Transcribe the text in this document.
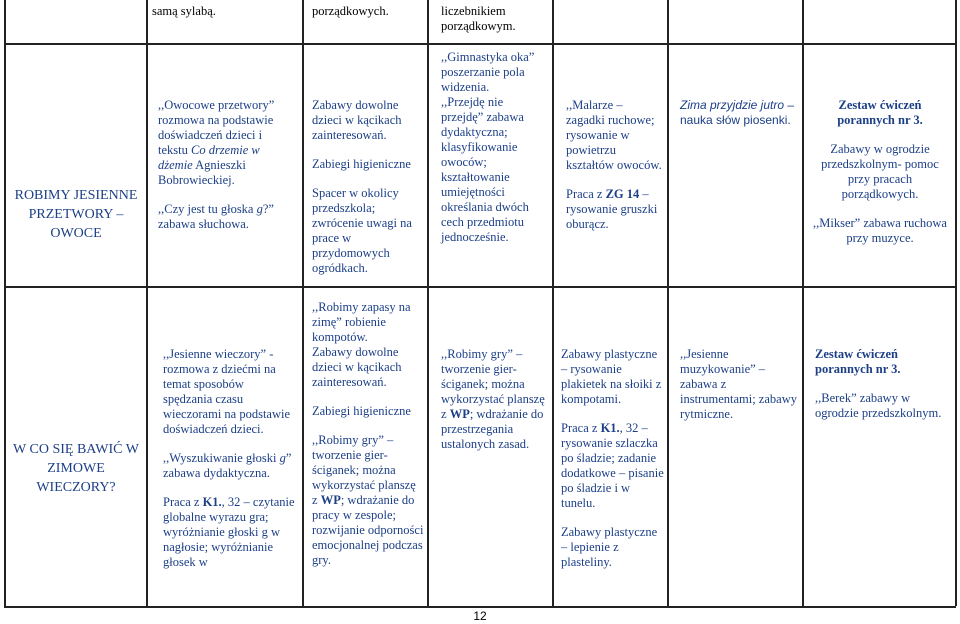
samą sylabą.	porządkowych.	liczebnikiem porządkowym.
ROBIMY JESIENNE PRZETWORY – OWOCE
,,Owocowe przetwory” rozmowa na podstawie doświadczeń dzieci i tekstu Co drzemie w dżemie Agnieszki Bobrowieckiej.
,,Czy jest tu głoska g?” zabawa słuchowa.
Zabawy dowolne dzieci w kącikach zainteresowań.
Zabiegi higieniczne
Spacer w okolicy przedszkola; zwrócenie uwagi na prace w przydomowych ogródkach.
,,Gimnastyka oka” poszerzanie pola widzenia.
,,Przejdę nie przejdę” zabawa dydaktyczna; klasyfikowanie owoców; kształtowanie umiejętności określania dwóch cech przedmiotu jednocześnie.
,,Malarze – zagadki ruchowe; rysowanie w powietrzu kształtów owoców.
Praca z ZG 14 – rysowanie gruszki oburącz.
Zima przyjdzie jutro – nauka słów piosenki.
Zestaw ćwiczeń porannych nr 3.
Zabawy w ogrodzie przedszkolnym- pomoc przy pracach porządkowych.
,,Mikser” zabawa ruchowa przy muzyce.
W CO SIĘ BAWIĆ W ZIMOWE WIECZORY?
,,Jesienne wieczory” - rozmowa z dziećmi na temat sposobów spędzania czasu wieczorami na podstawie doświadczeń dzieci.
,,Wyszukiwanie głoski g” zabawa dydaktyczna.
Praca z K1., 32 – czytanie globalne wyrazu gra; wyróżnianie głoski g w nagłosie; wyróżnianie głosek w
,,Robimy zapasy na zimę” robienie kompotów.
Zabawy dowolne dzieci w kącikach zainteresowań.
Zabiegi higieniczne
,,Robimy gry” – tworzenie gier-ściganek; można wykorzystać planszę z WP; wdrażanie do pracy w zespole; rozwijanie odporności emocjonalnej podczas gry.
,,Robimy gry” – tworzenie gier-ściganek; można wykorzystać planszę z WP; wdrażanie do przestrzegania ustalonych zasad.
Zabawy plastyczne – rysowanie plakietek na słoiki z kompotami.
Praca z K1., 32 – rysowanie szlaczka po śladzie; zadanie dodatkowe – pisanie po śladzie i w tunelu.
Zabawy plastyczne – lepienie z plasteliny.
,,Jesienne muzykowanie” – zabawa z instrumentami; zabawy rytmiczne.
Zestaw ćwiczeń porannych nr 3.
,,Berek” zabawy w ogrodzie przedszkolnym.
12
